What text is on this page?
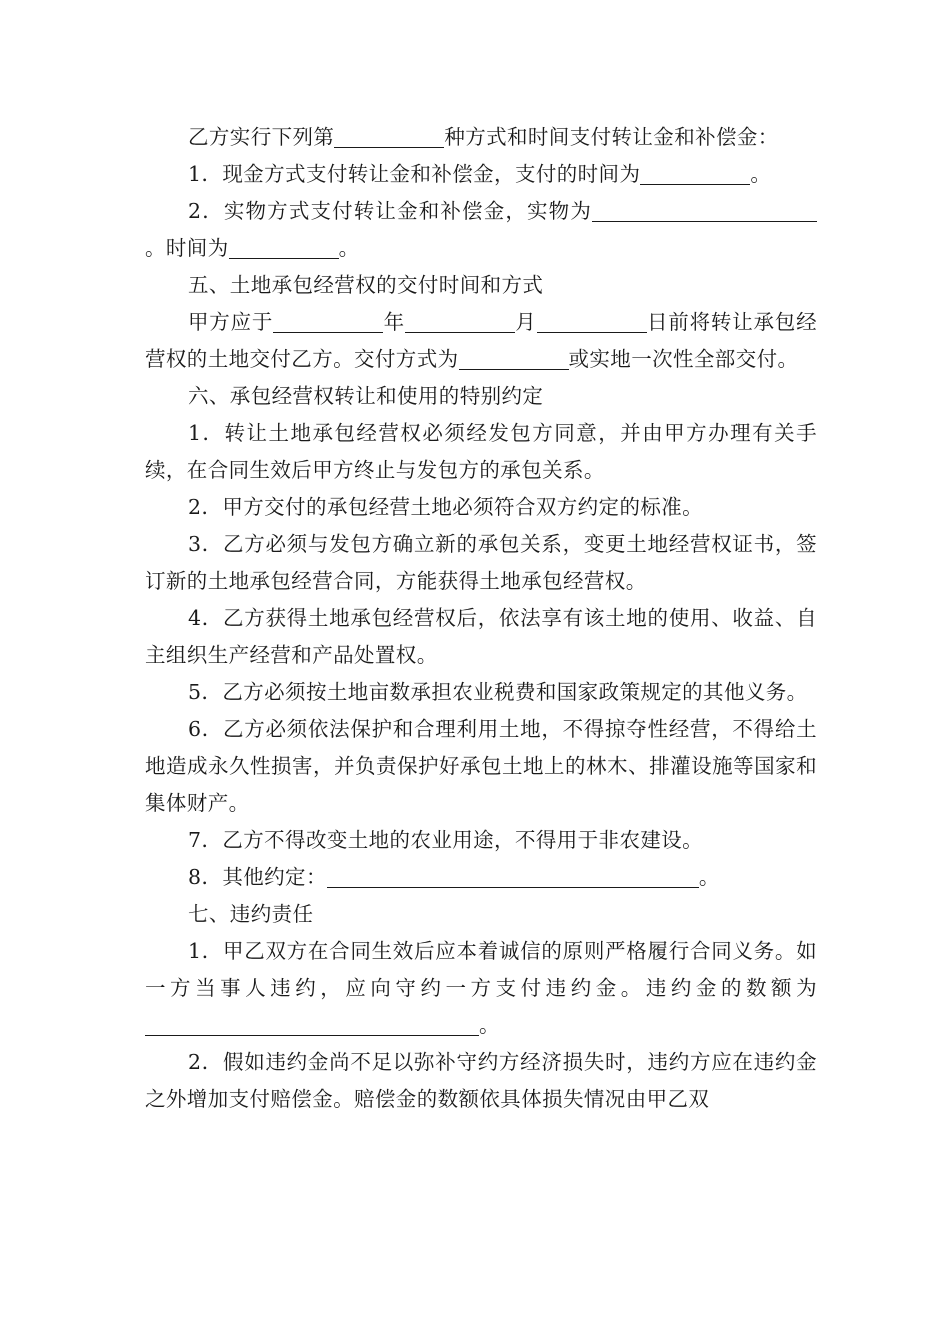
乙方实行下列第	种方式和时间支付转让金和补偿金：

1．现金方式支付转让金和补偿金，支付的时间为	。

2．实物方式支付转让金和补偿金，实物为。时间为	。

五、土地承包经营权的交付时间和方式

甲方应于	年	月	日前将转让承包经营权的土地交付乙方。交付方式为	或实地一次性全部交付。

六、承包经营权转让和使用的特别约定

1．转让土地承包经营权必须经发包方同意，并由甲方办理有关手续，在合同生效后甲方终止与发包方的承包关系。

2．甲方交付的承包经营土地必须符合双方约定的标准。

3．乙方必须与发包方确立新的承包关系，变更土地经营权证书，签订新的土地承包经营合同，方能获得土地承包经营权。

4．乙方获得土地承包经营权后，依法享有该土地的使用、收益、自主组织生产经营和产品处置权。

5．乙方必须按土地亩数承担农业税费和国家政策规定的其他义务。

6．乙方必须依法保护和合理利用土地，不得掠夺性经营，不得给土地造成永久性损害，并负责保护好承包土地上的林木、排灌设施等国家和集体财产。

7．乙方不得改变土地的农业用途，不得用于非农建设。

8．其他约定：	。

七、违约责任

1．甲乙双方在合同生效后应本着诚信的原则严格履行合同义务。如一方当事人违约，应向守约一方支付违约金。违约金的数额为。

2．假如违约金尚不足以弥补守约方经济损失时，违约方应在违约金之外增加支付赔偿金。赔偿金的数额依具体损失情况由甲乙双
